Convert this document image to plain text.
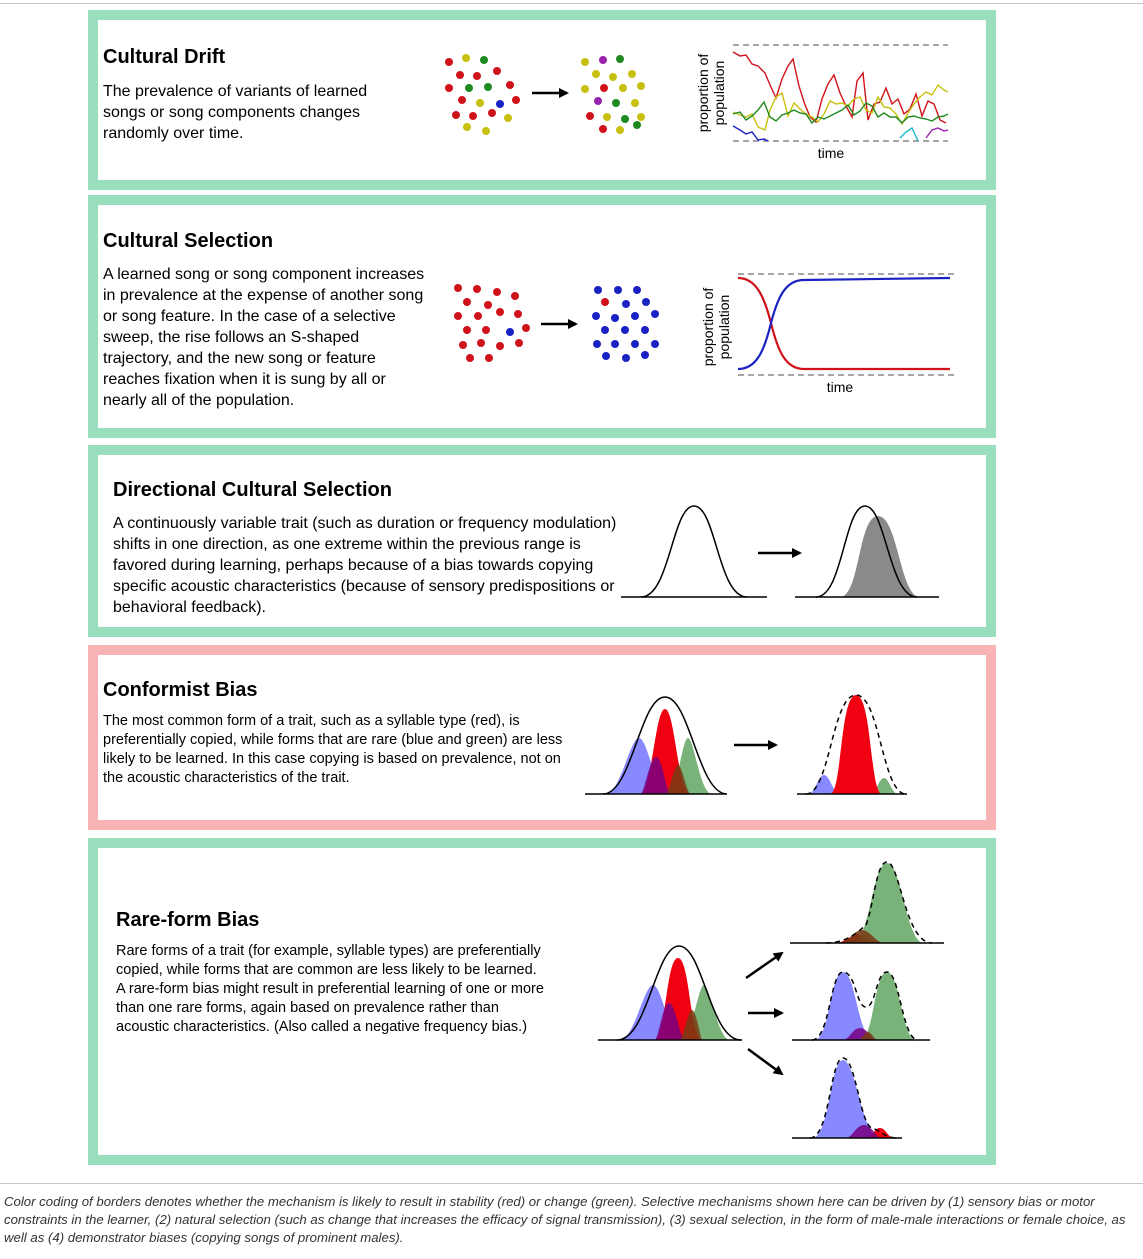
Cultural Drift
The prevalence of variants of learned songs or song components changes randomly over time.
Cultural Selection
A learned song or song component increases in prevalence at the expense of another song or song feature. In the case of a selective sweep, the rise follows an S-shaped trajectory, and the new song or feature reaches fixation when it is sung by all or nearly all of the population.
Directional Cultural Selection
A continuously variable trait (such as duration or frequency modulation) shifts in one direction, as one extreme within the previous range is favored during learning, perhaps because of a bias towards copying specific acoustic characteristics (because of sensory predispositions or behavioral feedback).
Conformist Bias
The most common form of a trait, such as a syllable type (red), is preferentially copied, while forms that are rare (blue and green) are less likely to be learned. In this case copying is based on prevalence, not on the acoustic characteristics of the trait.
Rare-form Bias
Rare forms of a trait (for example, syllable types) are preferentially copied, while forms that are common are less likely to be learned. A rare-form bias might result in preferential learning of one or more than one rare forms, again based on prevalence rather than acoustic characteristics. (Also called a negative frequency bias.)
proportion of population
time
proportion of population
time
Color coding of borders denotes whether the mechanism is likely to result in stability (red) or change (green). Selective mechanisms shown here can be driven by (1) sensory bias or motor constraints in the learner, (2) natural selection (such as change that increases the efficacy of signal transmission), (3) sexual selection, in the form of male-male interactions or female choice, as well as (4) demonstrator biases (copying songs of prominent males).
